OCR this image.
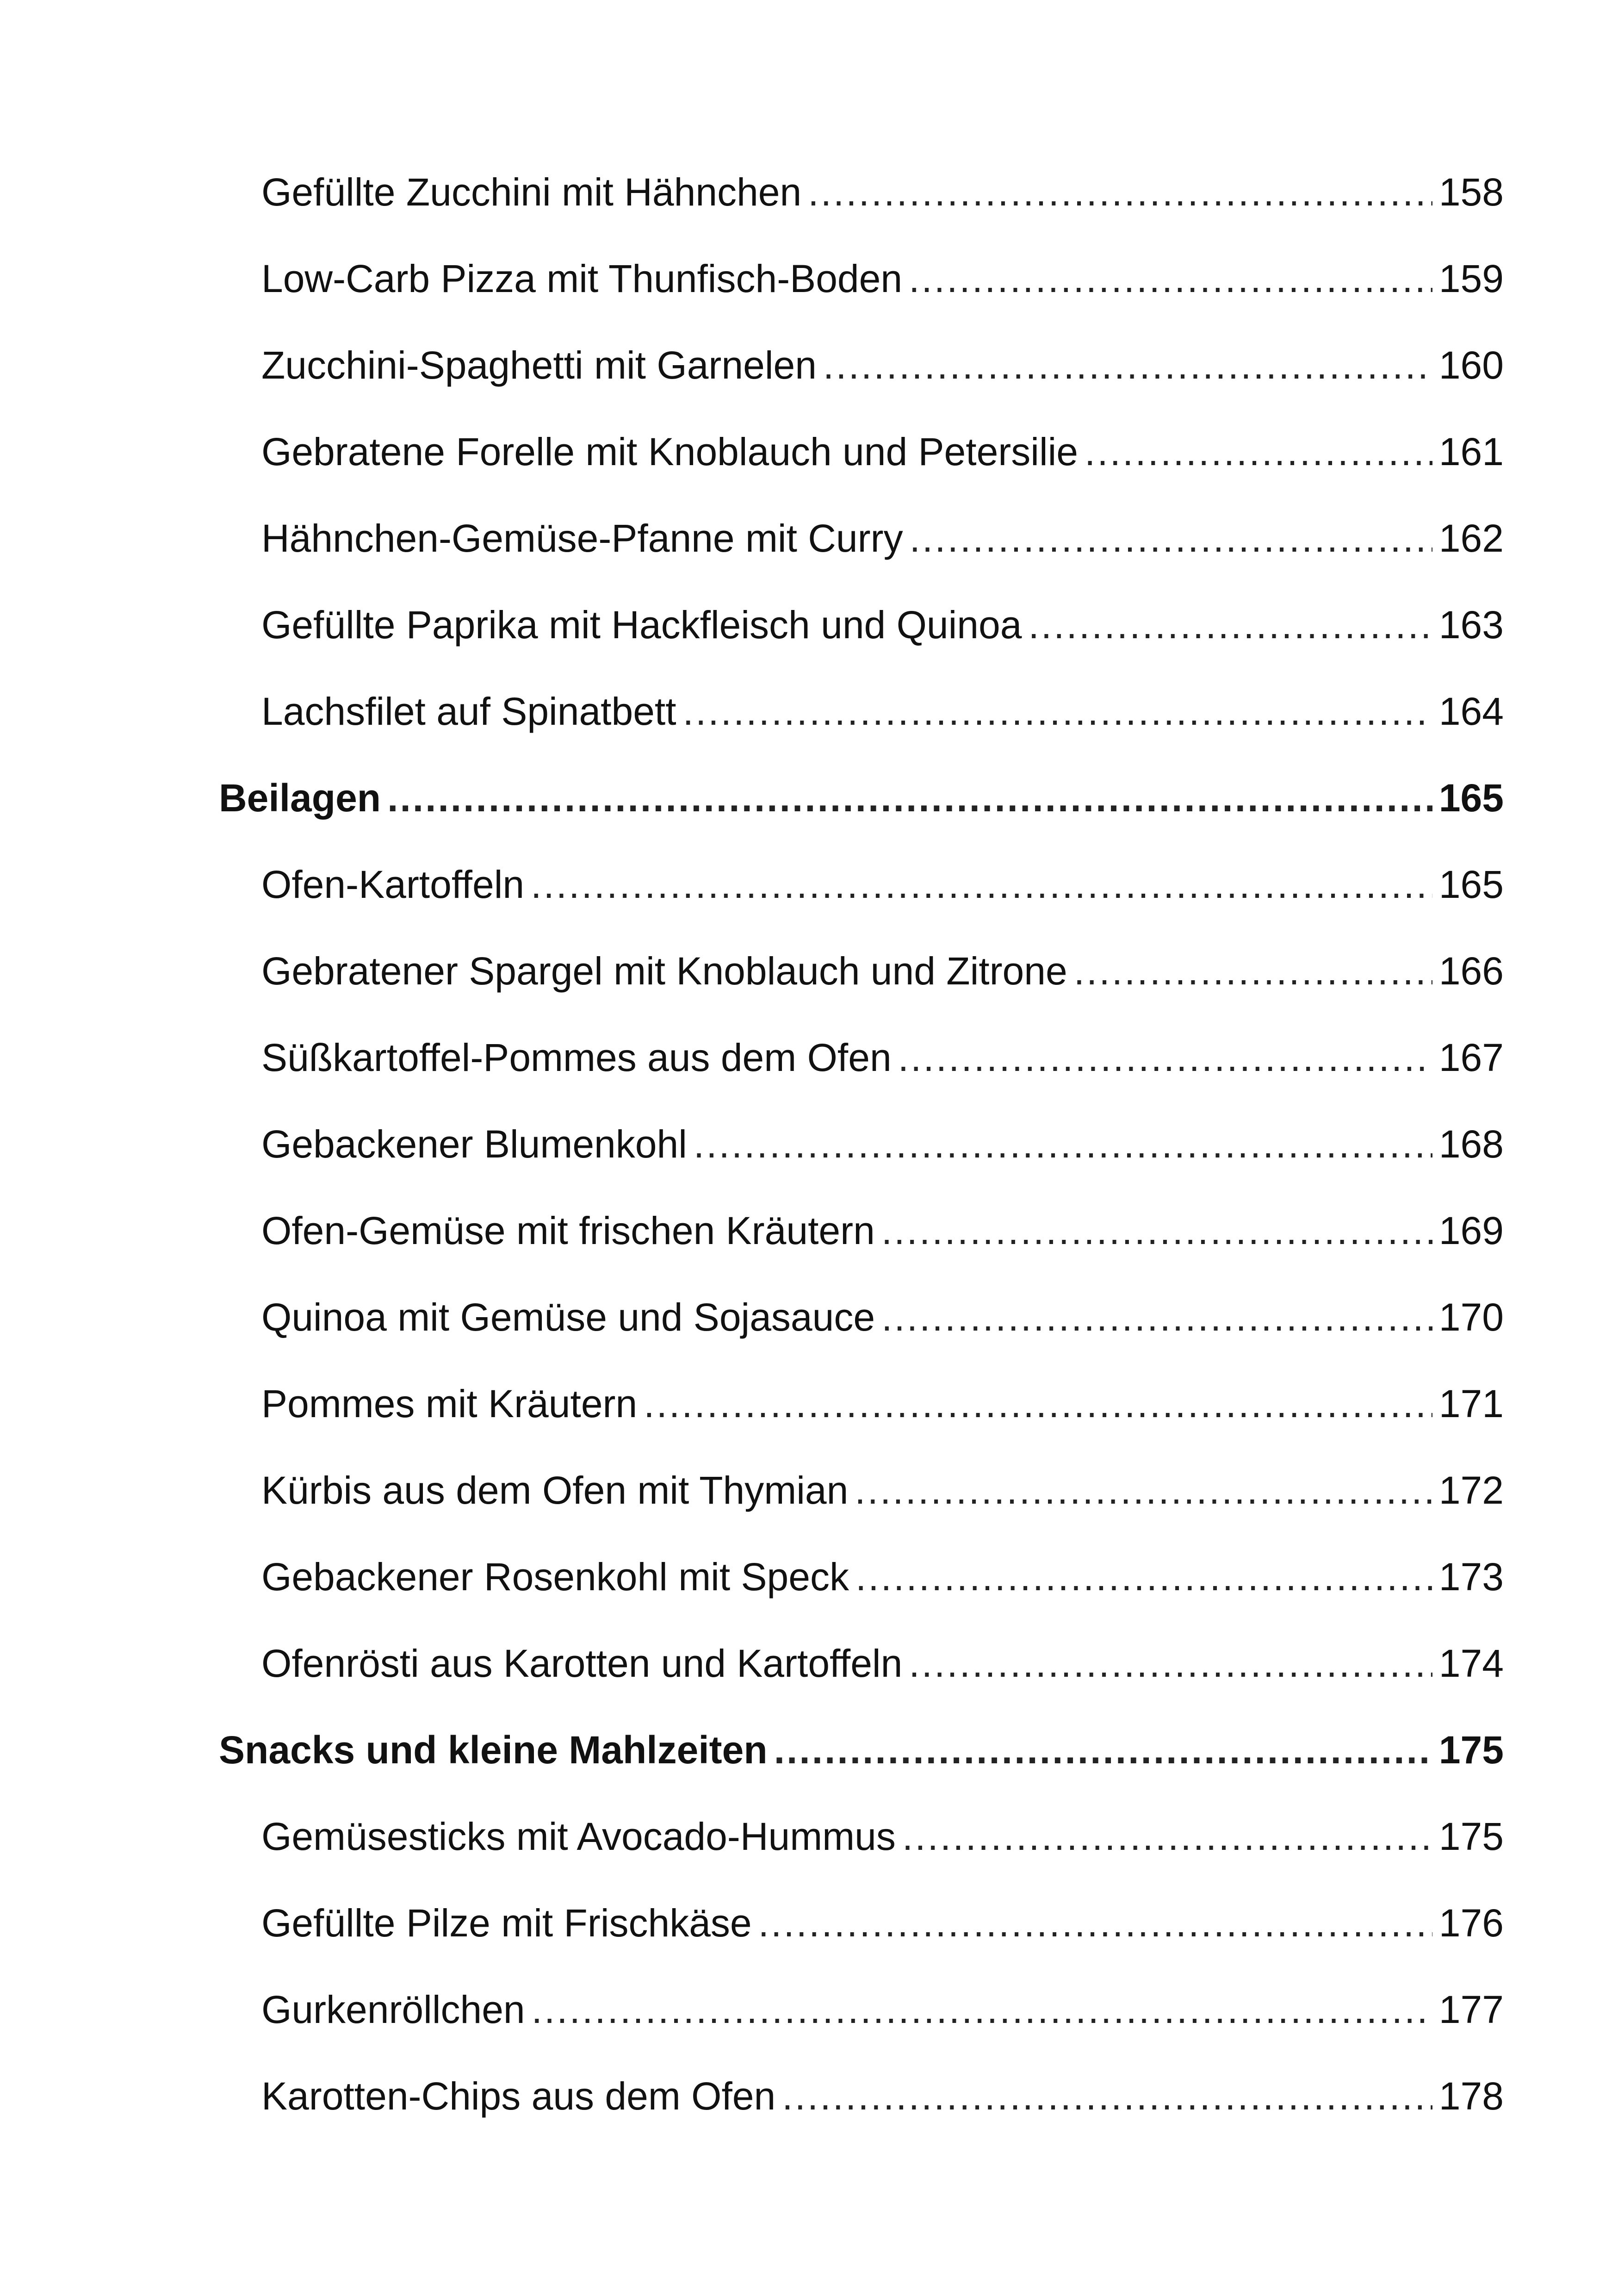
Gefüllte Zucchini mit Hähnchen .....	158
Low-Carb Pizza mit Thunfisch-Boden .....	159
Zucchini-Spaghetti mit Garnelen .....	160
Gebratene Forelle mit Knoblauch und Petersilie .....	161
Hähnchen-Gemüse-Pfanne mit Curry .....	162
Gefüllte Paprika mit Hackfleisch und Quinoa .....	163
Lachsfilet auf Spinatbett .....	164
Beilagen .....	165
Ofen-Kartoffeln .....	165
Gebratener Spargel mit Knoblauch und Zitrone .....	166
Süßkartoffel-Pommes aus dem Ofen .....	167
Gebackener Blumenkohl .....	168
Ofen-Gemüse mit frischen Kräutern .....	169
Quinoa mit Gemüse und Sojasauce .....	170
Pommes mit Kräutern .....	171
Kürbis aus dem Ofen mit Thymian .....	172
Gebackener Rosenkohl mit Speck .....	173
Ofenrösti aus Karotten und Kartoffeln .....	174
Snacks und kleine Mahlzeiten .....	175
Gemüsesticks mit Avocado-Hummus .....	175
Gefüllte Pilze mit Frischkäse .....	176
Gurkenröllchen .....	177
Karotten-Chips aus dem Ofen .....	178
